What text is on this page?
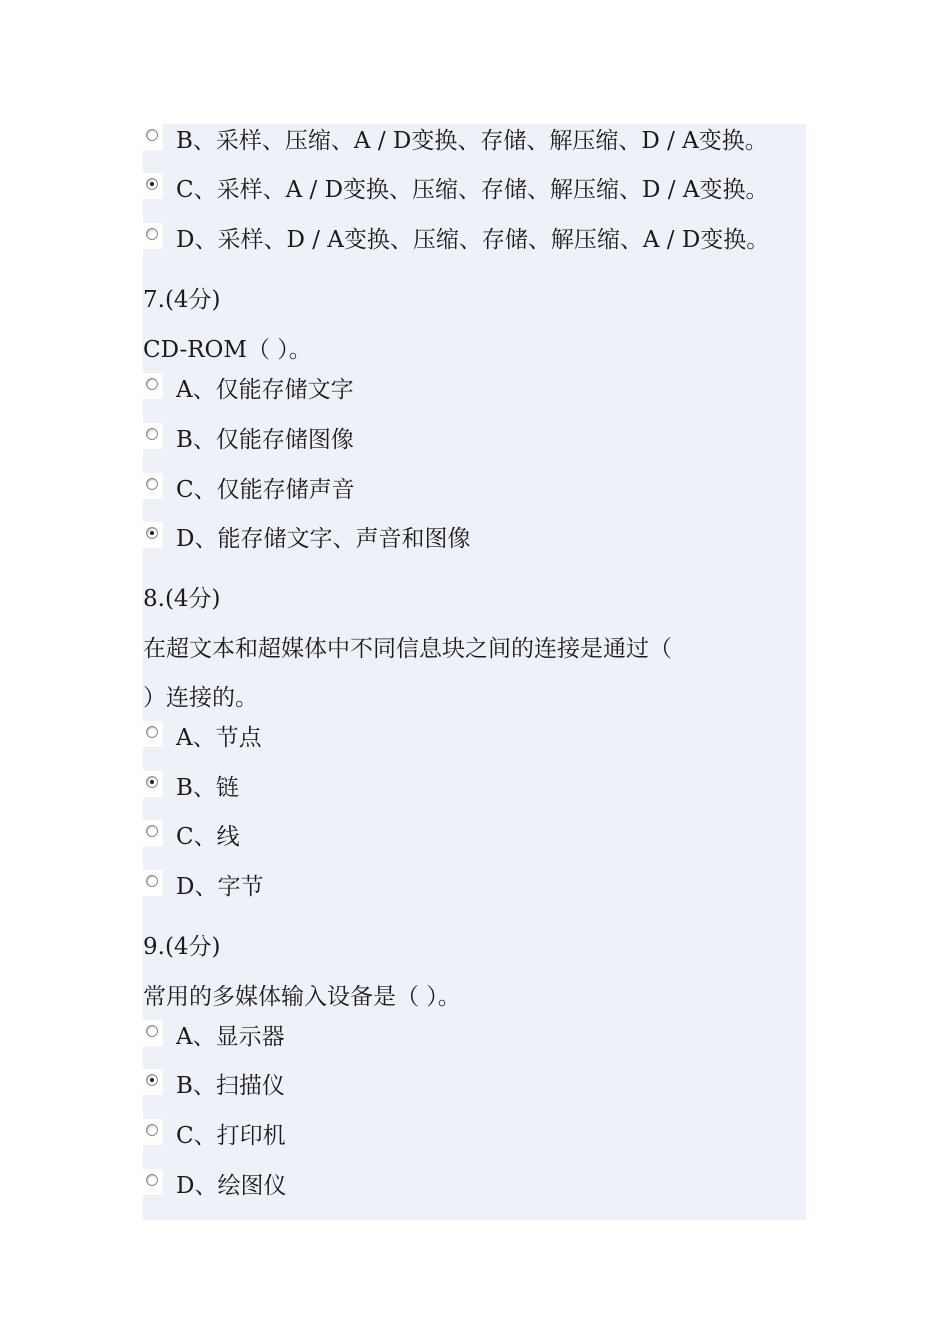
B、采样、压缩、A / D变换、存储、解压缩、D / A变换。
C、采样、A / D变换、压缩、存储、解压缩、D / A变换。
D、采样、D / A变换、压缩、存储、解压缩、A / D变换。
7.(4分)
CD-ROM（ ）。
A、仅能存储文字
B、仅能存储图像
C、仅能存储声音
D、能存储文字、声音和图像
8.(4分)
在超文本和超媒体中不同信息块之间的连接是通过（
）连接的。
A、节点
B、链
C、线
D、字节
9.(4分)
常用的多媒体输入设备是（ ）。
A、显示器
B、扫描仪
C、打印机
D、绘图仪
